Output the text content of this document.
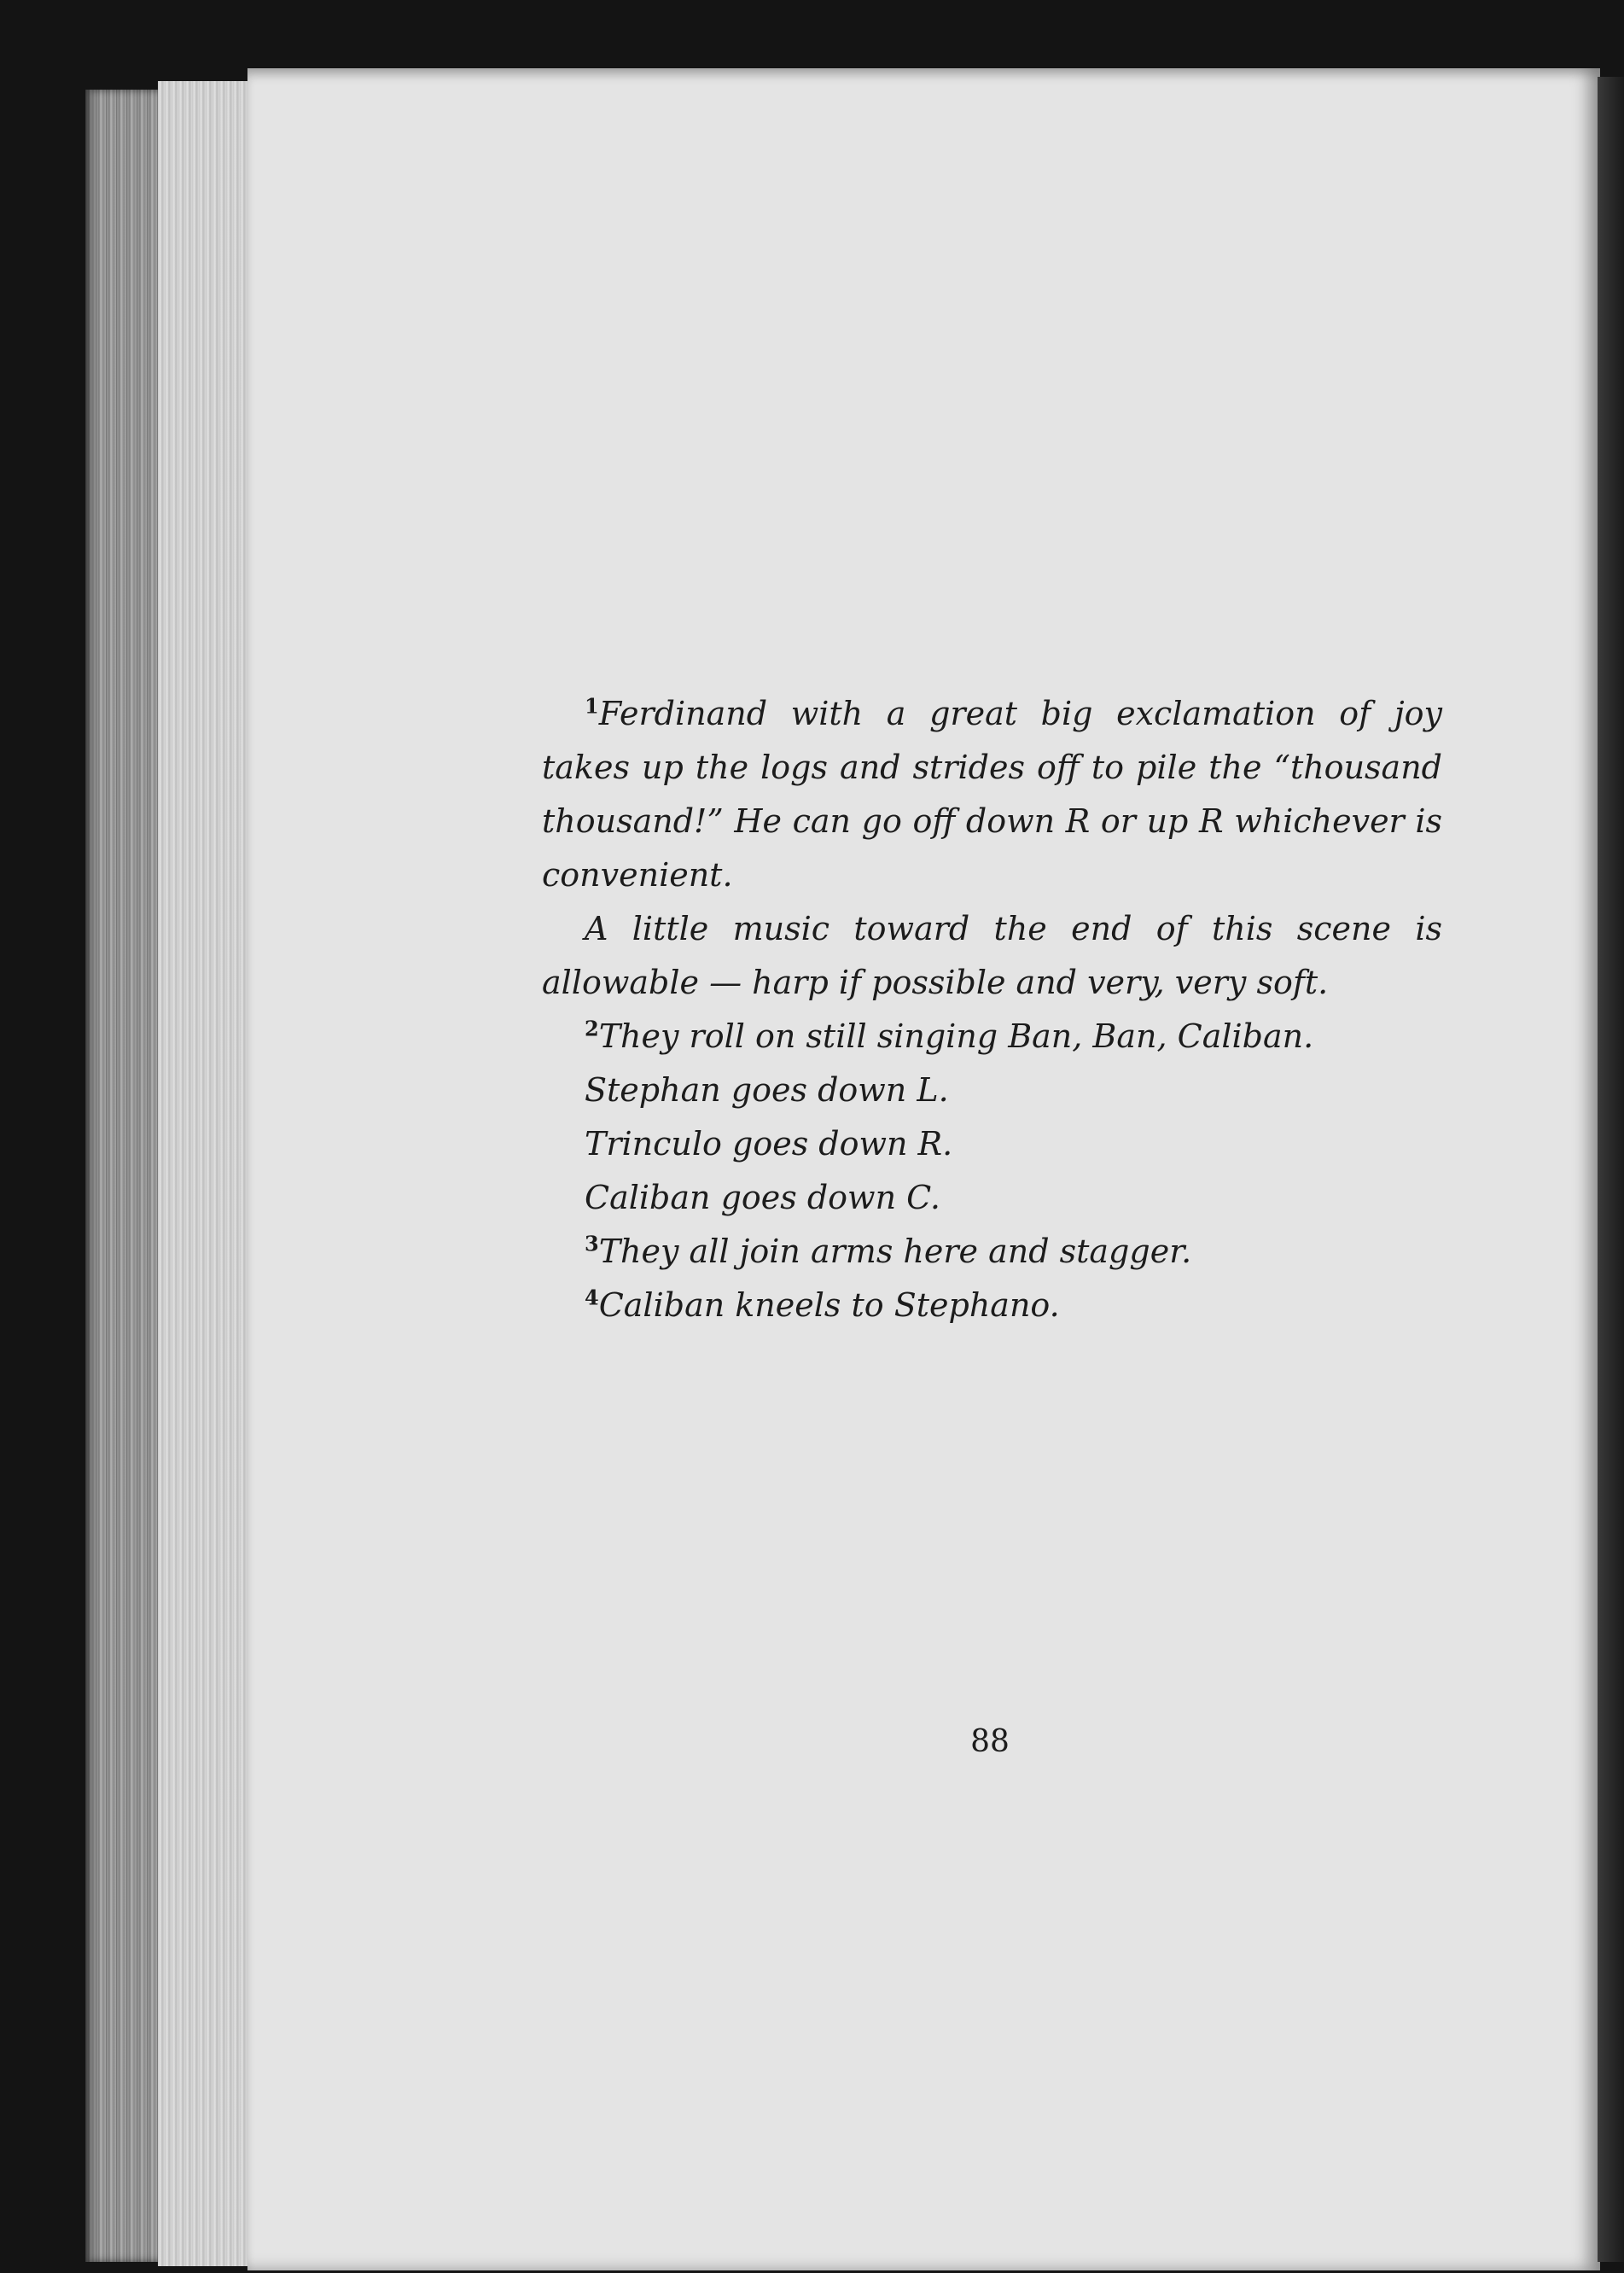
$^1$Ferdinand with a great big exclamation of joy takes up the logs and strides off to pile the “thousand thousand!” He can go off down R or up R whichever is convenient.

A little music toward the end of this scene is allowable — harp if possible and very, very soft.

$^2$They roll on still singing Ban, Ban, Caliban.

Stephan goes down L.

Trinculo goes down R.

Caliban goes down C.

$^3$They all join arms here and stagger.

$^4$Caliban kneels to Stephano.

88
